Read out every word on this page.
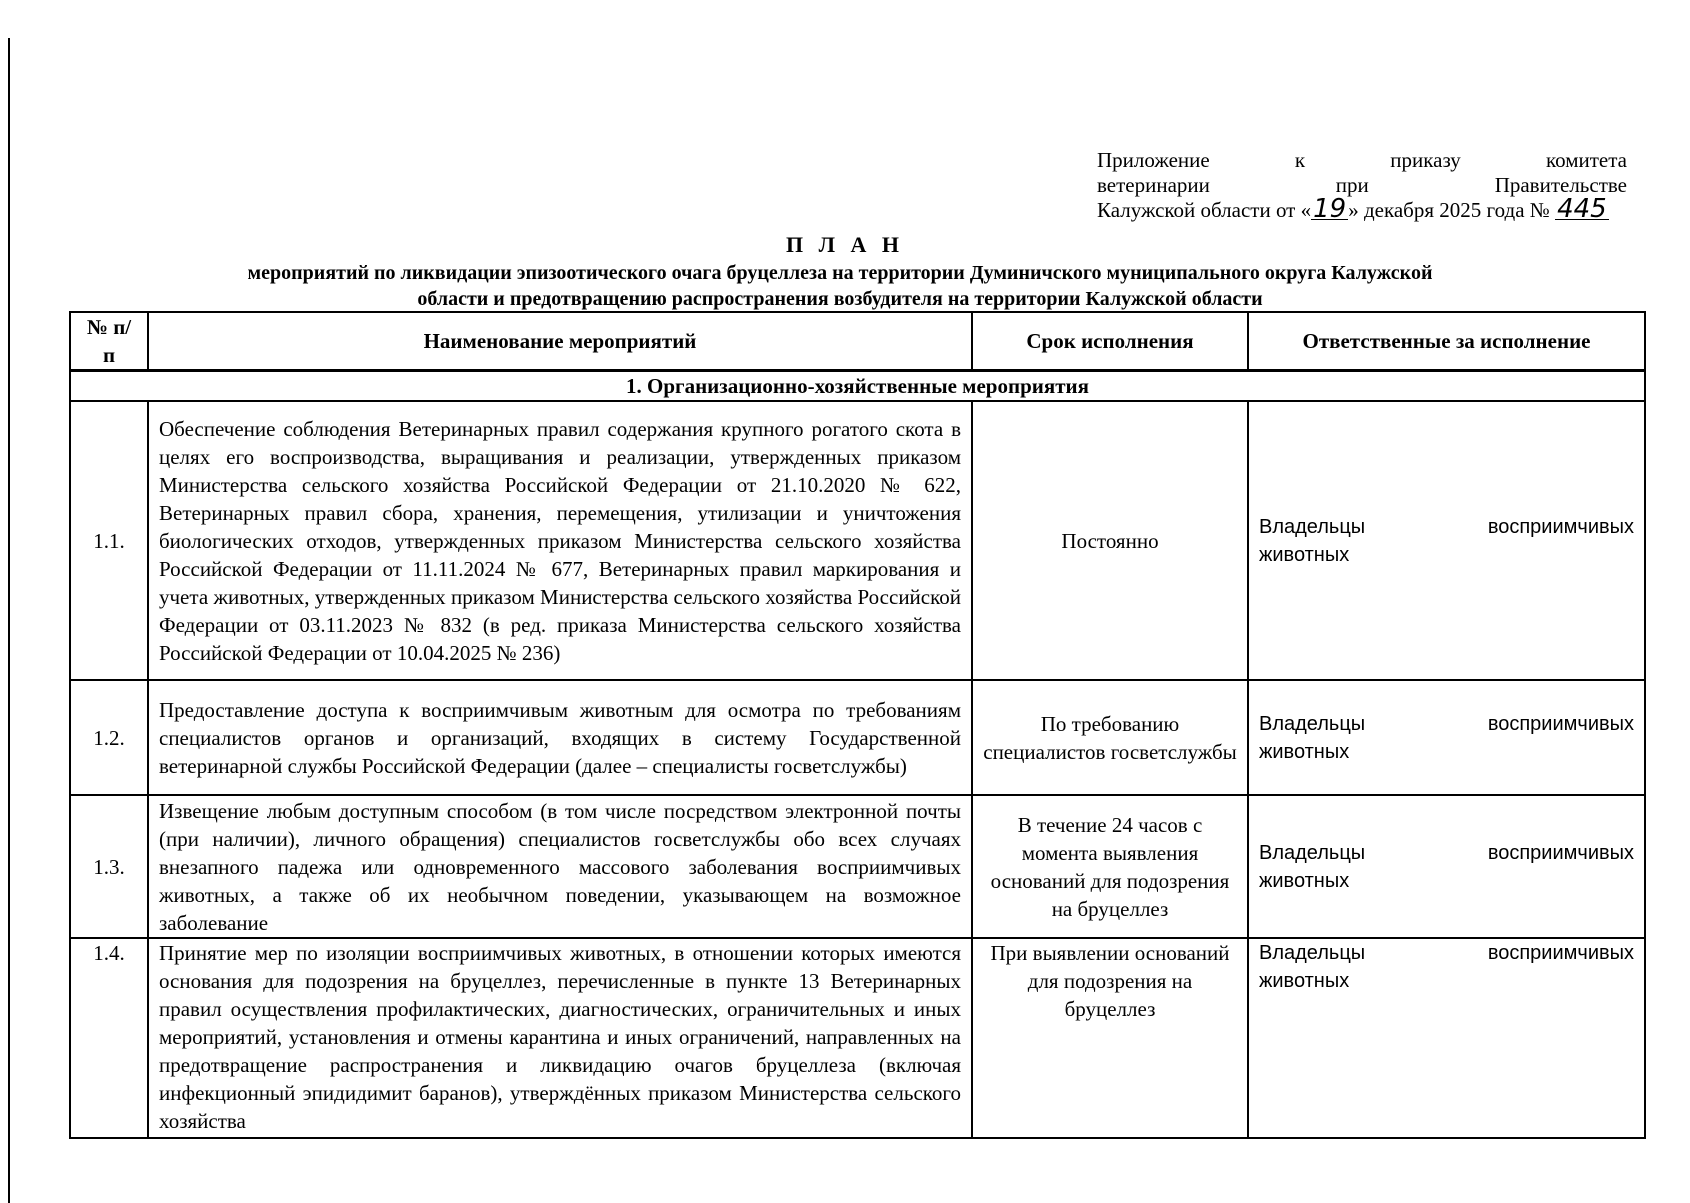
Приложение к приказу комитета
ветеринарии при Правительстве
Калужской области от «19» декабря 2025 года № 445
П Л А Н
мероприятий по ликвидации эпизоотического очага бруцеллеза на территории Думиничского муниципального округа Калужской
области и предотвращению распространения возбудителя на территории Калужской области
№ п/п	Наименование мероприятий	Срок исполнения	Ответственные за исполнение
1. Организационно-хозяйственные мероприятия			
1.1.	Обеспечение соблюдения Ветеринарных правил содержания крупного рогатого скота в целях его воспроизводства, выращивания и реализации, утвержденных приказом Министерства сельского хозяйства Российской Федерации от 21.10.2020 № 622, Ветеринарных правил сбора, хранения, перемещения, утилизации и уничтожения биологических отходов, утвержденных приказом Министерства сельского хозяйства Российской Федерации от 11.11.2024 № 677, Ветеринарных правил маркирования и учета животных, утвержденных приказом Министерства сельского хозяйства Российской Федерации от 03.11.2023 № 832 (в ред. приказа Министерства сельского хозяйства Российской Федерации от 10.04.2025 № 236)	Постоянно	Владельцы восприимчивых
животных
1.2.	Предоставление доступа к восприимчивым животным для осмотра по требованиям специалистов органов и организаций, входящих в систему Государственной ветеринарной службы Российской Федерации (далее – специалисты госветслужбы)	По требованию специалистов госветслужбы	Владельцы восприимчивых
животных
1.3.	Извещение любым доступным способом (в том числе посредством электронной почты (при наличии), личного обращения) специалистов госветслужбы обо всех случаях внезапного падежа или одновременного массового заболевания восприимчивых животных, а также об их необычном поведении, указывающем на возможное заболевание	В течение 24 часов с момента выявления оснований для подозрения на бруцеллез	Владельцы восприимчивых
животных
1.4.	Принятие мер по изоляции восприимчивых животных, в отношении которых имеются основания для подозрения на бруцеллез, перечисленные в пункте 13 Ветеринарных правил осуществления профилактических, диагностических, ограничительных и иных мероприятий, установления и отмены карантина и иных ограничений, направленных на предотвращение распространения и ликвидацию очагов бруцеллеза (включая инфекционный эпидидимит баранов), утверждённых приказом Министерства сельского хозяйства	При выявлении оснований для подозрения на бруцеллез	Владельцы восприимчивых
животных
